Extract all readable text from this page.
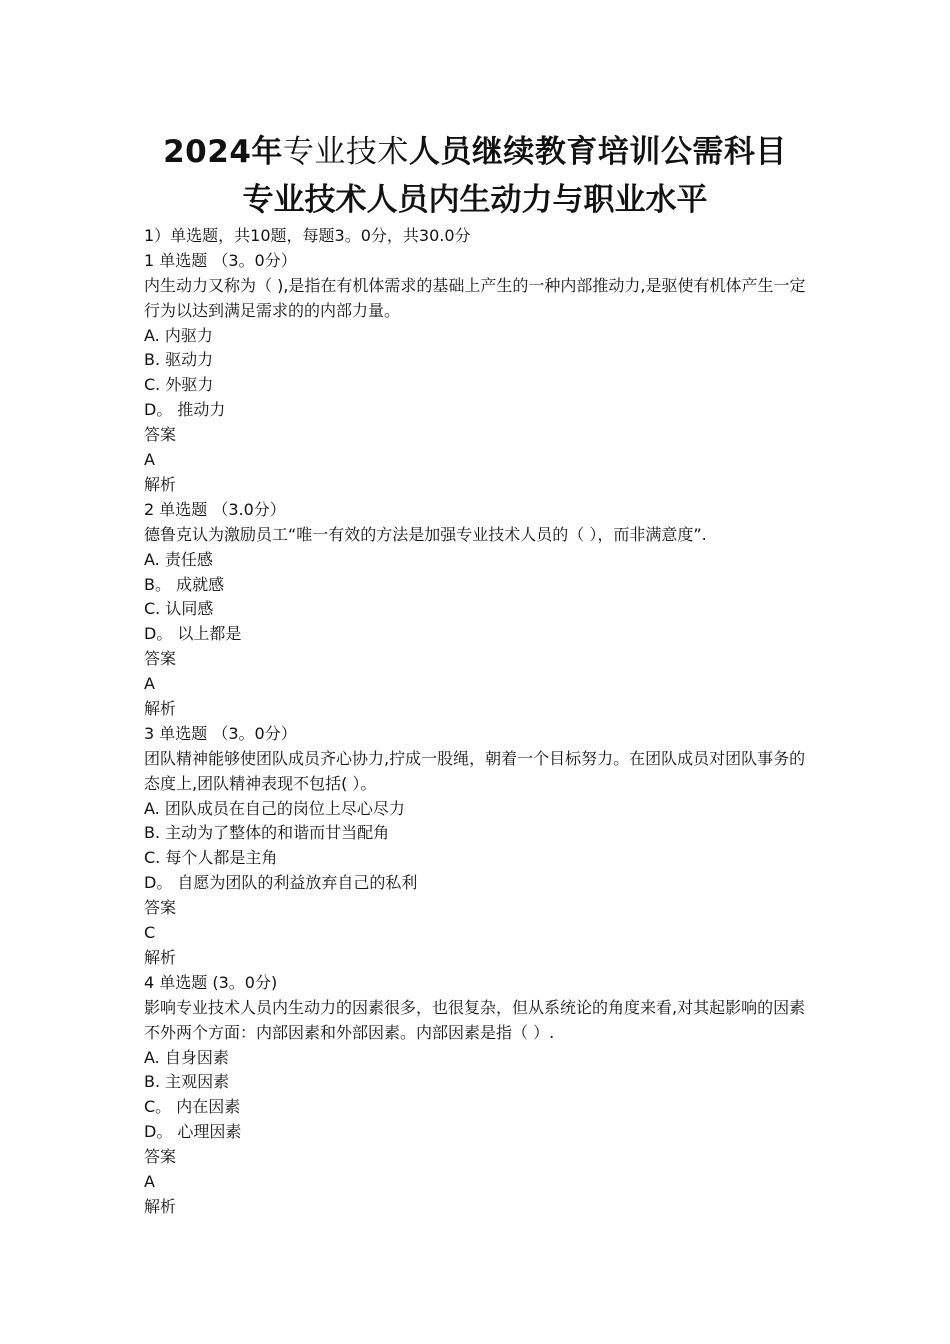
2024年专业技术人员继续教育培训公需科目
专业技术人员内生动力与职业水平
1）单选题，共10题，每题3。0分，共30.0分
1 单选题 （3。0分）
内生动力又称为（ ),是指在有机体需求的基础上产生的一种内部推动力,是驱使有机体产生一定行为以达到满足需求的的内部力量。
A. 内驱力
B. 驱动力
C. 外驱力
D。 推动力
答案
A
解析
2 单选题 （3.0分）
德鲁克认为激励员工“唯一有效的方法是加强专业技术人员的（ ），而非满意度”.
A. 责任感
B。 成就感
C. 认同感
D。 以上都是
答案
A
解析
3 单选题 （3。0分）
团队精神能够使团队成员齐心协力,拧成一股绳，朝着一个目标努力。在团队成员对团队事务的态度上,团队精神表现不包括( ）。
A. 团队成员在自己的岗位上尽心尽力
B. 主动为了整体的和谐而甘当配角
C. 每个人都是主角
D。 自愿为团队的利益放弃自己的私利
答案
C
解析
4 单选题 (3。0分)
影响专业技术人员内生动力的因素很多，也很复杂，但从系统论的角度来看,对其起影响的因素不外两个方面：内部因素和外部因素。内部因素是指（ ）.
A. 自身因素
B. 主观因素
C。 内在因素
D。 心理因素
答案
A
解析
